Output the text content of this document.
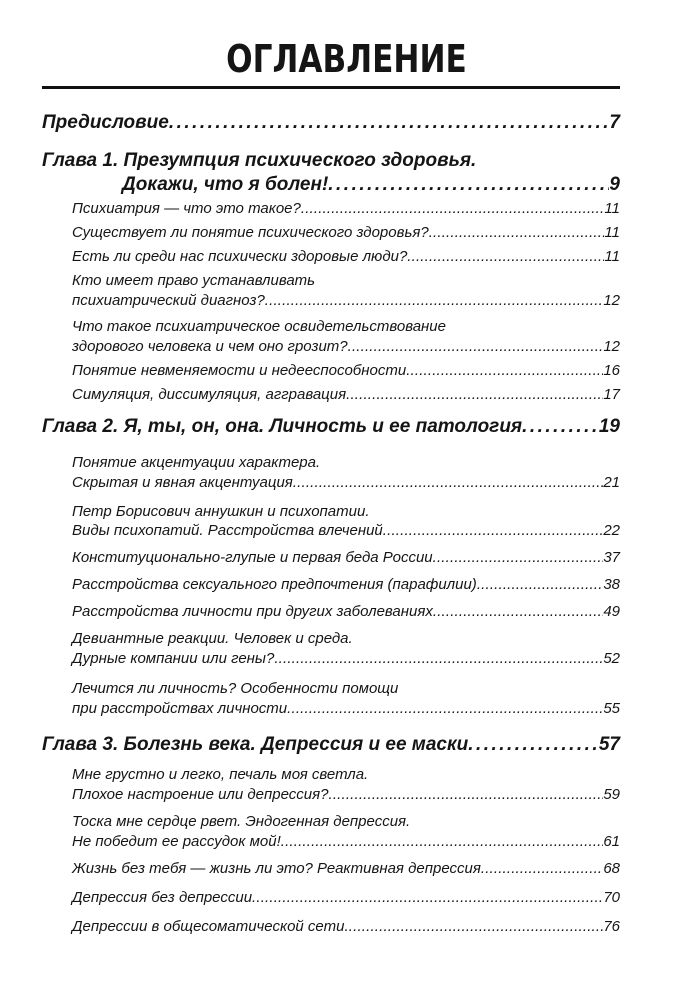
ОГЛАВЛЕНИЕ
Предисловие . . .	7
Глава 1. Презумпция психического здоровья.
Докажи, что я болен! . . .	9
Психиатрия — что это такое? . . .	11
Существует ли понятие психического здоровья? . . .	11
Есть ли среди нас психически здоровые люди? . . .	11
Кто имеет право устанавливать
психиатрический диагноз? . . .	12
Что такое психиатрическое освидетельствование
здорового человека и чем оно грозит? . . .	12
Понятие невменяемости и недееспособности . . .	16
Симуляция, диссимуляция, аггравация . . .	17
Глава 2. Я, ты, он, она. Личность и ее патология . . .	19
Понятие акцентуации характера.
Скрытая и явная акцентуация . . .	21
Петр Борисович аннушкин и психопатии.
Виды психопатий. Расстройства влечений . . .	22
Конституционально-глупые и первая беда России . . .	37
Расстройства сексуального предпочтения (парафилии) . . .	38
Расстройства личности при других заболеваниях . . .	49
Девиантные реакции. Человек и среда.
Дурные компании или гены? . . .	52
Лечится ли личность? Особенности помощи
при расстройствах личности . . .	55
Глава 3. Болезнь века. Депрессия и ее маски . . .	57
Мне грустно и легко, печаль моя светла.
Плохое настроение или депрессия? . . .	59
Тоска мне сердце рвет. Эндогенная депрессия.
Не победит ее рассудок мой! . . .	61
Жизнь без тебя — жизнь ли это? Реактивная депрессия . . .	68
Депрессия без депрессии . . .	70
Депрессии в общесоматической сети . . .	76
